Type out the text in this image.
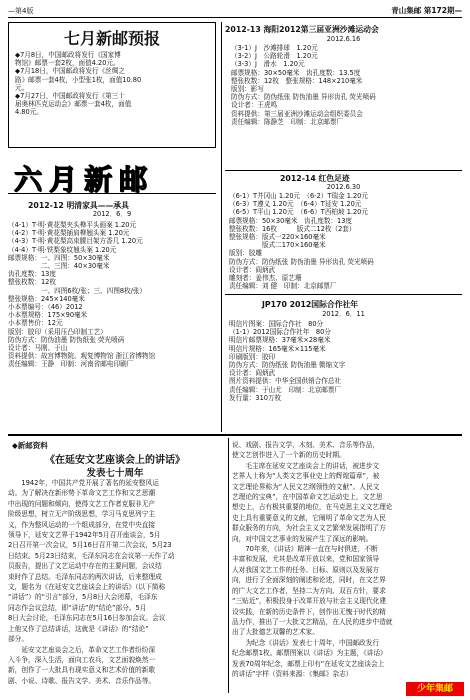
—第4版	青山集邮 第172期—
七月新邮预报
◆7月8日，中国邮政将发行《国家博
物馆》邮票一套2枚，面值4.20元。
◆7月18日，中国邮政将发行《丝绸之
路》邮票一套4枚，小型张1枚，面值10.80
元。
◆7月27日，中国邮政将发行《第三十
届奥林匹克运动会》邮票一套4枚，面值
4.80元。
六月新邮
2012-12 明清家具——承具
2012．6．9
（4-1）T·明·黄花梨夹头榫平头画案 1.20元
（4-2）T·明·黄花梨插肩榫翘头案 1.20元
（4-3）T·明·黄花梨高束腰目架方香几 1.20元
（4-4）T·明·铁梨象纹翘头案 1.20元
邮票规格：一、四图：50×30毫米
　　　　　二、三图：40×30毫米
齿孔度数：13度
整张枚数：12枚
　　　　　一、四图6枚/张；三、四图8枚/张）
整张规格：245×140毫米
小本票编号：（46）2012
小本票规格：175×90毫米
小本票售价：12元
版别：胶印（采用压凸印制工艺）
防伪方式：防伪油墨 防伪纸张 荧光喷码
设计者：马刚、于山
资料提供：故宫博物院、观复博物馆 浙江省博物馆
责任编辑：王静　印制：河南省邮电印刷厂
2012-13 海阳2012第三届亚洲沙滩运动会
2012.6.16
（3-1）J　沙滩排球　1.20元
（3-2）J　公路轮滑　1.20元
（3-3）J　滑水　1.20元
邮票规格：30×50毫米　齿孔度数：13.5度
整张枚数：12枚　整张规格：148×210毫米
版别：影写
防伪方式：防伪纸张 防伪油墨 异形齿孔 荧光喷码
设计者：王虎鸣
资料提供：第三届亚洲沙滩运动会组织委员会
责任编辑：陈静芝　印制：北京邮票厂
2012-14 红色足迹
2012.6.30
（6-1）T井冈山 1.20元　（6-2）T瑞金 1.20元
（6-3）T遵义 1.20元　（6-4）T延安 1.20元
（6-5）T平山 1.20元　（6-6）T西柏坡 1.20元
邮票规格：50×30毫米　齿孔度数：13度
整张枚数：16枚　　　版式二12枚（2套）
整张规格：版式一220×160毫米
　　　　　版式二170×160毫米
版别：胶雕
防伪方式：防伪纸张 防伪油墨 异形齿孔 荧光喷码
设计者：阎炳武
雕刻者：姜伟杰、原艺珊
责任编辑：刘 健　印制：北京邮票厂
JP170 2012国际合作社年
2012．6．11
明信片图案：国际合作社　80分
（1-1）2012国际合作社年　80分
明信片邮票规格：37毫米×28毫米
明信片规格：165毫米×115毫米
印刷版别：胶印
防伪方式：防伪纸张 防伪油墨 微缩文字
设计者：阎炳武
图片资料提供：中华全国供销合作总社
责任编辑：于山尤　印制：北京邮票厂
发行量：310万枚
◆新邮资料
《在延安文艺座谈会上的讲话》
发表七十周年
　　1942年，中国共产党开展了著名的延安整风运
动。为了解决在新形势下革命文艺工作和文艺思潮
中出现的问题和倾向，使得文艺工作者克服非无产
阶级思想，树立无产阶级思想，学习马克思列宁主
义，作为整风运动的一个组成部分，在党中央直接
领导下，延安文艺界于1942年5月召开座谈会，5月
2日召开第一次会议，5月16日召开第二次会议，5月23
日结束。5月23日结束，毛泽东同志在会议第一天作了动
员报告，提出了文艺运动中存在的主要问题，会议结
束时作了总结。毛泽东同志的两次讲话，后来整理成
文，题名为《在延安文艺座谈会上的讲话》（以下简称
“讲话”）的“引言”部分，5月8日大会闭幕，毛泽东
同志作会议总结，即“讲话”的“结论”部分。5月
8日大会讨论，毛泽东同志在5月16日参加会议。会议
上他又作了总结讲话，这就是《讲话》的“结论”
部分。
　　延安文艺座谈会之后，革命文艺工作者纷纷深
入斗争，深入生活，面向工农兵，文艺面貌焕然一
新，创作了一大批具有现实意义和艺术价值的新歌
剧、小说、诗歌、报告文学、美术、音乐作品等。
说、戏剧、报告文学、木刻、美术、音乐等作品，
使文艺创作进入了一个新的历史时期。
　　毛主席在延安文艺座谈会上的讲话，被进步文
艺界人士称为“人类文艺事业史上的辉煌篇章”，被
文艺理论界称为“人民文艺纲领性的文献”。人民文
艺理论的宝典”，在中国革命文艺运动史上，文艺思
想史上，占有极其重要的地位，在马克思主义文艺理论
史上具有重要意义的文献，它阐明了革命文艺为人民
群众服务的方向，为社会主义文艺繁荣发展指明了方
向，对中国文艺事业的发展产生了深远的影响。
　　70年来，《讲话》精神一直在与时俱进，不断
丰富和发展，尤其是改革开放以来，党和国家领导
人对我国文艺工作的任务、目标、原则以及发展方
向，进行了全面深刻的阐述和论述，同时，在文艺界
的广大文艺工作者，坚持二为方向、双百方针，要求
“三贴近”，积极投身于改革开放与社会主义现代化建
设实践，在新的历史条件下，创作出无愧于时代的精
品力作，推出了一大批文艺精品，在人民的进步中造就
出了大批德艺双馨的艺术家。
　　为纪念《讲话》发表七十周年，中国邮政发行
纪念邮票1枚。邮票图案以《讲话》为主题，《讲话》
发表70周年纪念，邮票上印有“在延安文艺座谈会上
的讲话”字样（资料来源：《集邮》杂志）
少年集邮
